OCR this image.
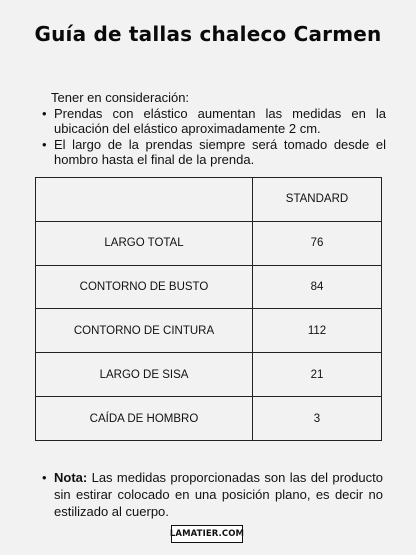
Guía de tallas chaleco Carmen
Tener en consideración:
• Prendas con elástico aumentan las medidas en la ubicación del elástico aproximadamente 2 cm.
• El largo de la prendas siempre será tomado desde el hombro hasta el final de la prenda.
	STANDARD
LARGO TOTAL	76
CONTORNO DE BUSTO	84
CONTORNO DE CINTURA	112
LARGO DE SISA	21
CAÍDA DE HOMBRO	3
• Nota: Las medidas proporcionadas son las del producto sin estirar colocado en una posición plano, es decir no estilizado al cuerpo.
LAMATIER.COM
